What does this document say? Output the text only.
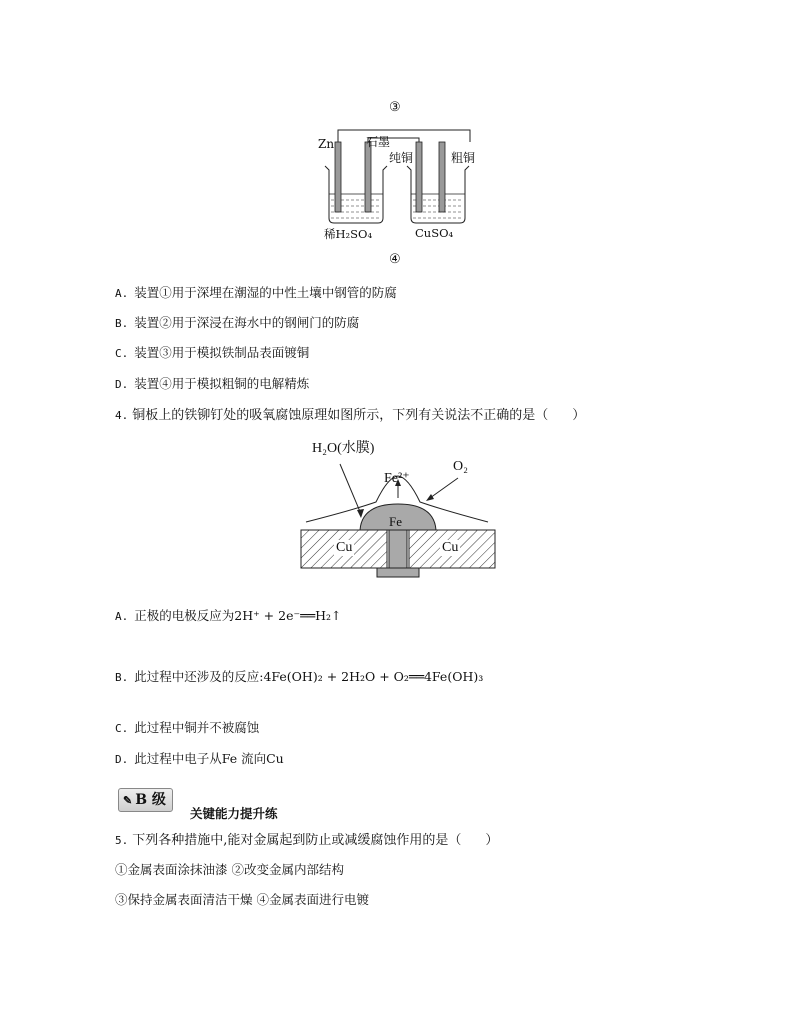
③
Zn	石墨
纯铜	粗铜
稀H₂SO₄	CuSO₄
④
A. 装置①用于深埋在潮湿的中性土壤中钢管的防腐
B. 装置②用于深浸在海水中的钢闸门的防腐
C. 装置③用于模拟铁制品表面镀铜
D. 装置④用于模拟粗铜的电解精炼
4. 铜板上的铁铆钉处的吸氧腐蚀原理如图所示，下列有关说法不正确的是（ ）
H₂O(水膜)
O₂
Fe²⁺
Fe
Cu	Cu
A. 正极的电极反应为2H⁺ + 2e⁻══H₂↑
B. 此过程中还涉及的反应:4Fe(OH)₂ + 2H₂O + O₂══4Fe(OH)₃
C. 此过程中铜并不被腐蚀
D. 此过程中电子从Fe 流向Cu
✎ B 级
关键能力提升练
5. 下列各种措施中,能对金属起到防止或减缓腐蚀作用的是（ ）
①金属表面涂抹油漆 ②改变金属内部结构
③保持金属表面清洁干燥 ④金属表面进行电镀
